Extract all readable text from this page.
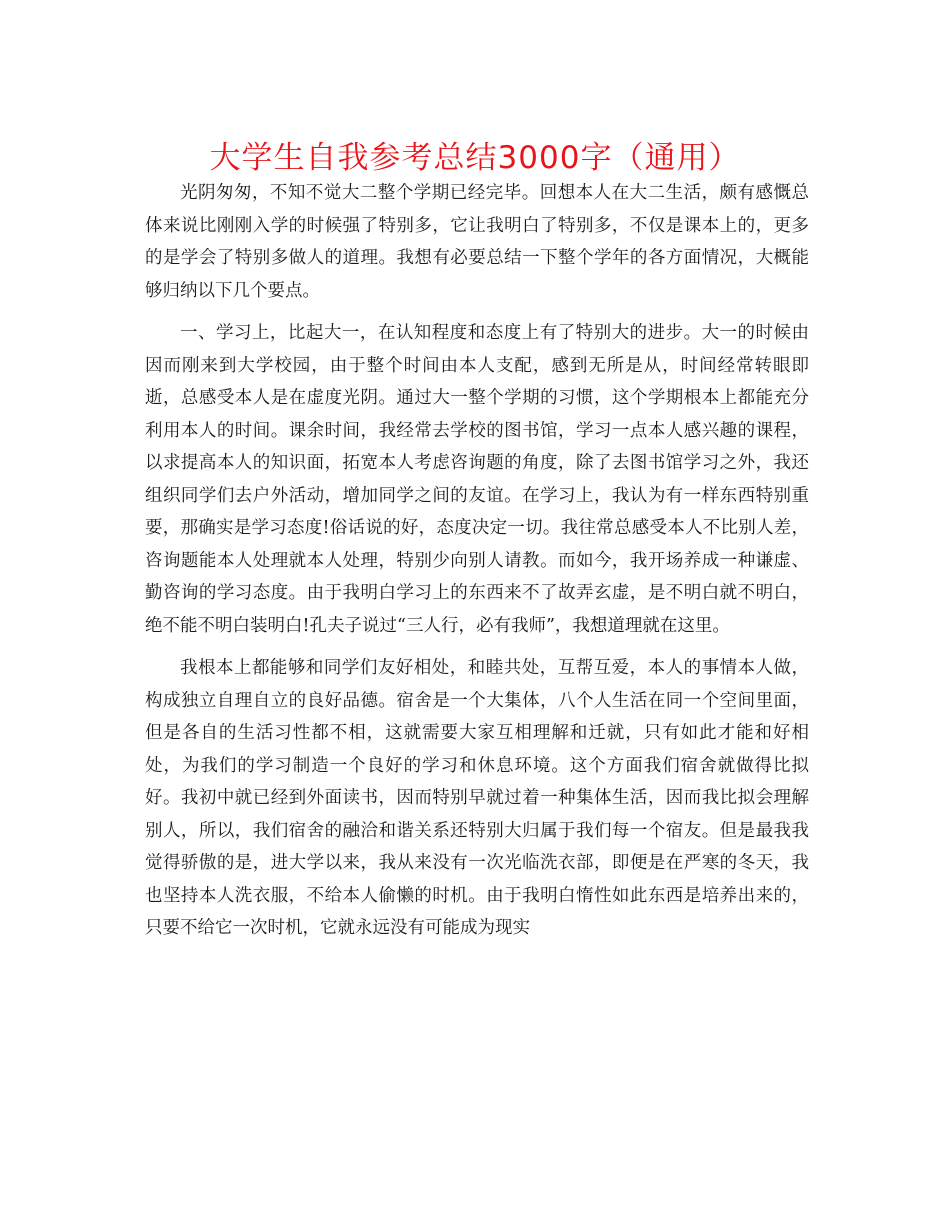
大学生自我参考总结3000字（通用）

光阴匆匆，不知不觉大二整个学期已经完毕。回想本人在大二生活，颇有感慨总体来说比刚刚入学的时候强了特别多，它让我明白了特别多，不仅是课本上的，更多的是学会了特别多做人的道理。我想有必要总结一下整个学年的各方面情况，大概能够归纳以下几个要点。

一、学习上，比起大一，在认知程度和态度上有了特别大的进步。大一的时候由因而刚来到大学校园，由于整个时间由本人支配，感到无所是从，时间经常转眼即逝，总感受本人是在虚度光阴。通过大一整个学期的习惯，这个学期根本上都能充分利用本人的时间。课余时间，我经常去学校的图书馆，学习一点本人感兴趣的课程，以求提高本人的知识面，拓宽本人考虑咨询题的角度，除了去图书馆学习之外，我还组织同学们去户外活动，增加同学之间的友谊。在学习上，我认为有一样东西特别重要，那确实是学习态度!俗话说的好，态度决定一切。我往常总感受本人不比别人差，咨询题能本人处理就本人处理，特别少向别人请教。而如今，我开场养成一种谦虚、勤咨询的学习态度。由于我明白学习上的东西来不了故弄玄虚，是不明白就不明白，绝不能不明白装明白!孔夫子说过“三人行，必有我师”，我想道理就在这里。

我根本上都能够和同学们友好相处，和睦共处，互帮互爱，本人的事情本人做，构成独立自理自立的良好品德。宿舍是一个大集体，八个人生活在同一个空间里面，但是各自的生活习性都不相，这就需要大家互相理解和迁就，只有如此才能和好相处，为我们的学习制造一个良好的学习和休息环境。这个方面我们宿舍就做得比拟好。我初中就已经到外面读书，因而特别早就过着一种集体生活，因而我比拟会理解别人，所以，我们宿舍的融洽和谐关系还特别大归属于我们每一个宿友。但是最我我觉得骄傲的是，进大学以来，我从来没有一次光临洗衣部，即便是在严寒的冬天，我也坚持本人洗衣服，不给本人偷懒的时机。由于我明白惰性如此东西是培养出来的，只要不给它一次时机，它就永远没有可能成为现实
